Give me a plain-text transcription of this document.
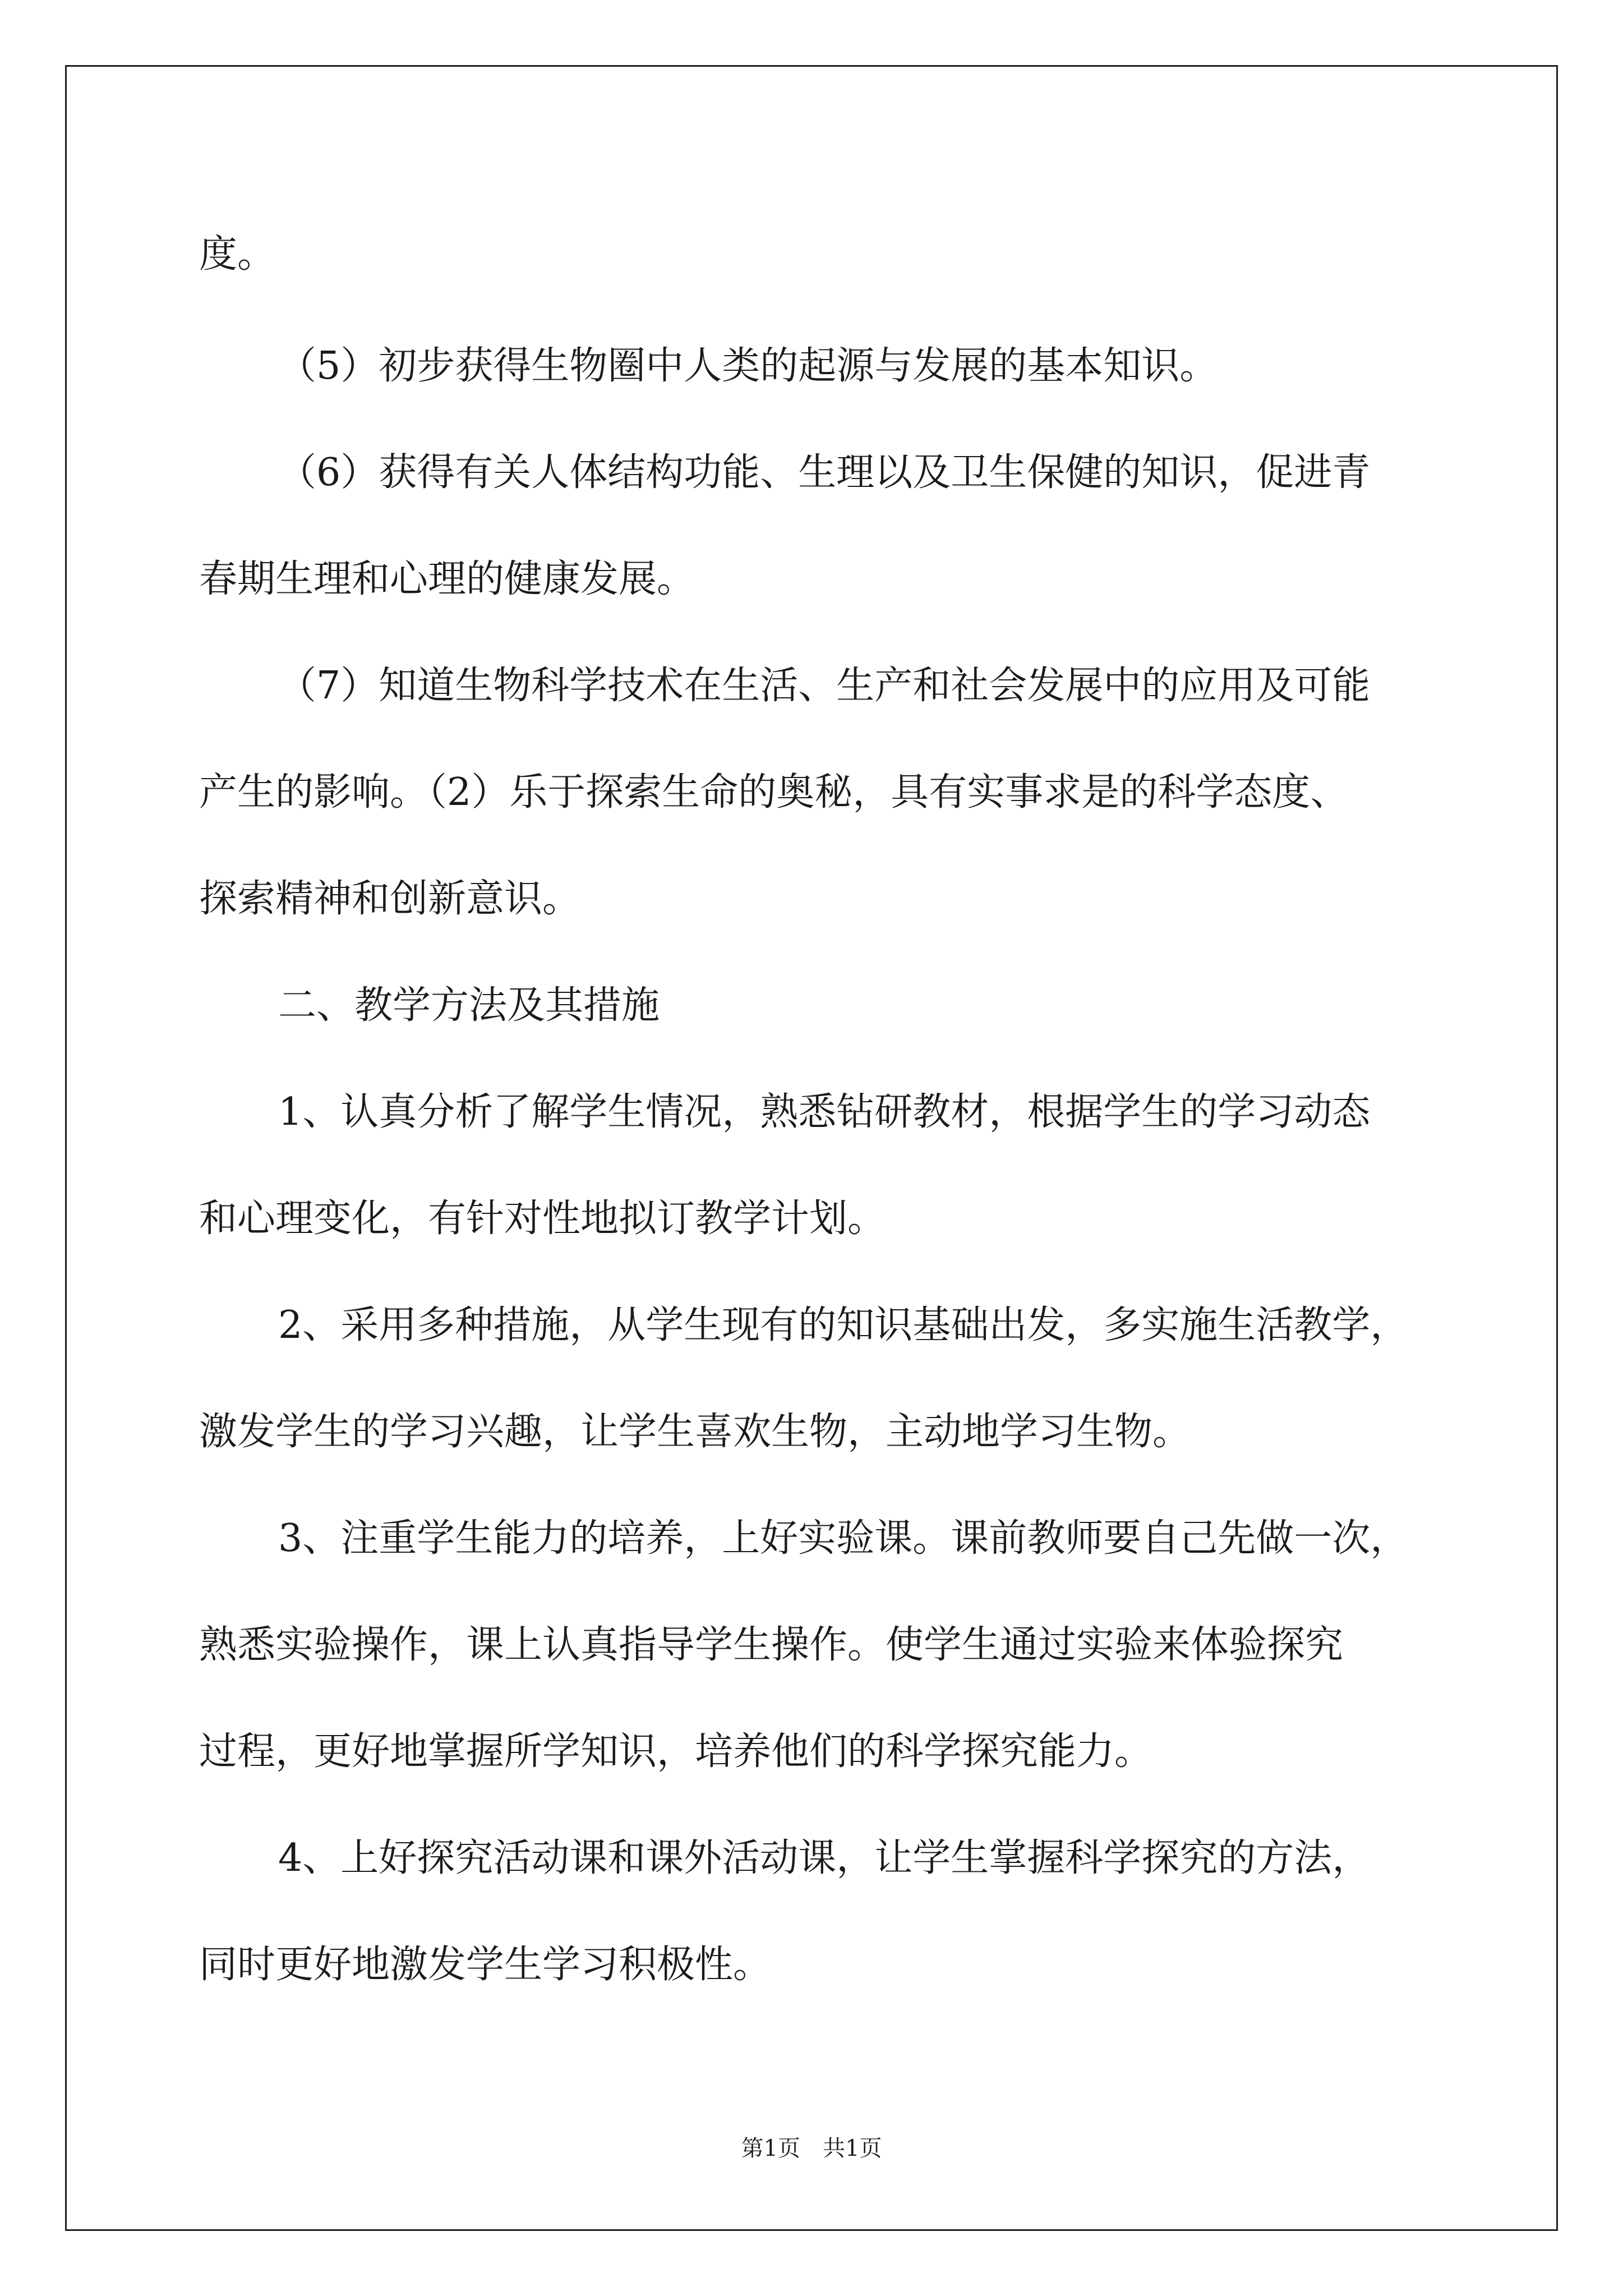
度。
（5）初步获得生物圈中人类的起源与发展的基本知识。
（6）获得有关人体结构功能、生理以及卫生保健的知识，促进青
春期生理和心理的健康发展。
（7）知道生物科学技术在生活、生产和社会发展中的应用及可能
产生的影响。（2）乐于探索生命的奥秘，具有实事求是的科学态度、
探索精神和创新意识。
二、教学方法及其措施
1、认真分析了解学生情况，熟悉钻研教材，根据学生的学习动态
和心理变化，有针对性地拟订教学计划。
2、采用多种措施，从学生现有的知识基础出发，多实施生活教学，
激发学生的学习兴趣，让学生喜欢生物，主动地学习生物。
3、注重学生能力的培养，上好实验课。课前教师要自己先做一次，
熟悉实验操作，课上认真指导学生操作。使学生通过实验来体验探究
过程，更好地掌握所学知识，培养他们的科学探究能力。
4、上好探究活动课和课外活动课，让学生掌握科学探究的方法，
同时更好地激发学生学习积极性。
第1页 共1页
